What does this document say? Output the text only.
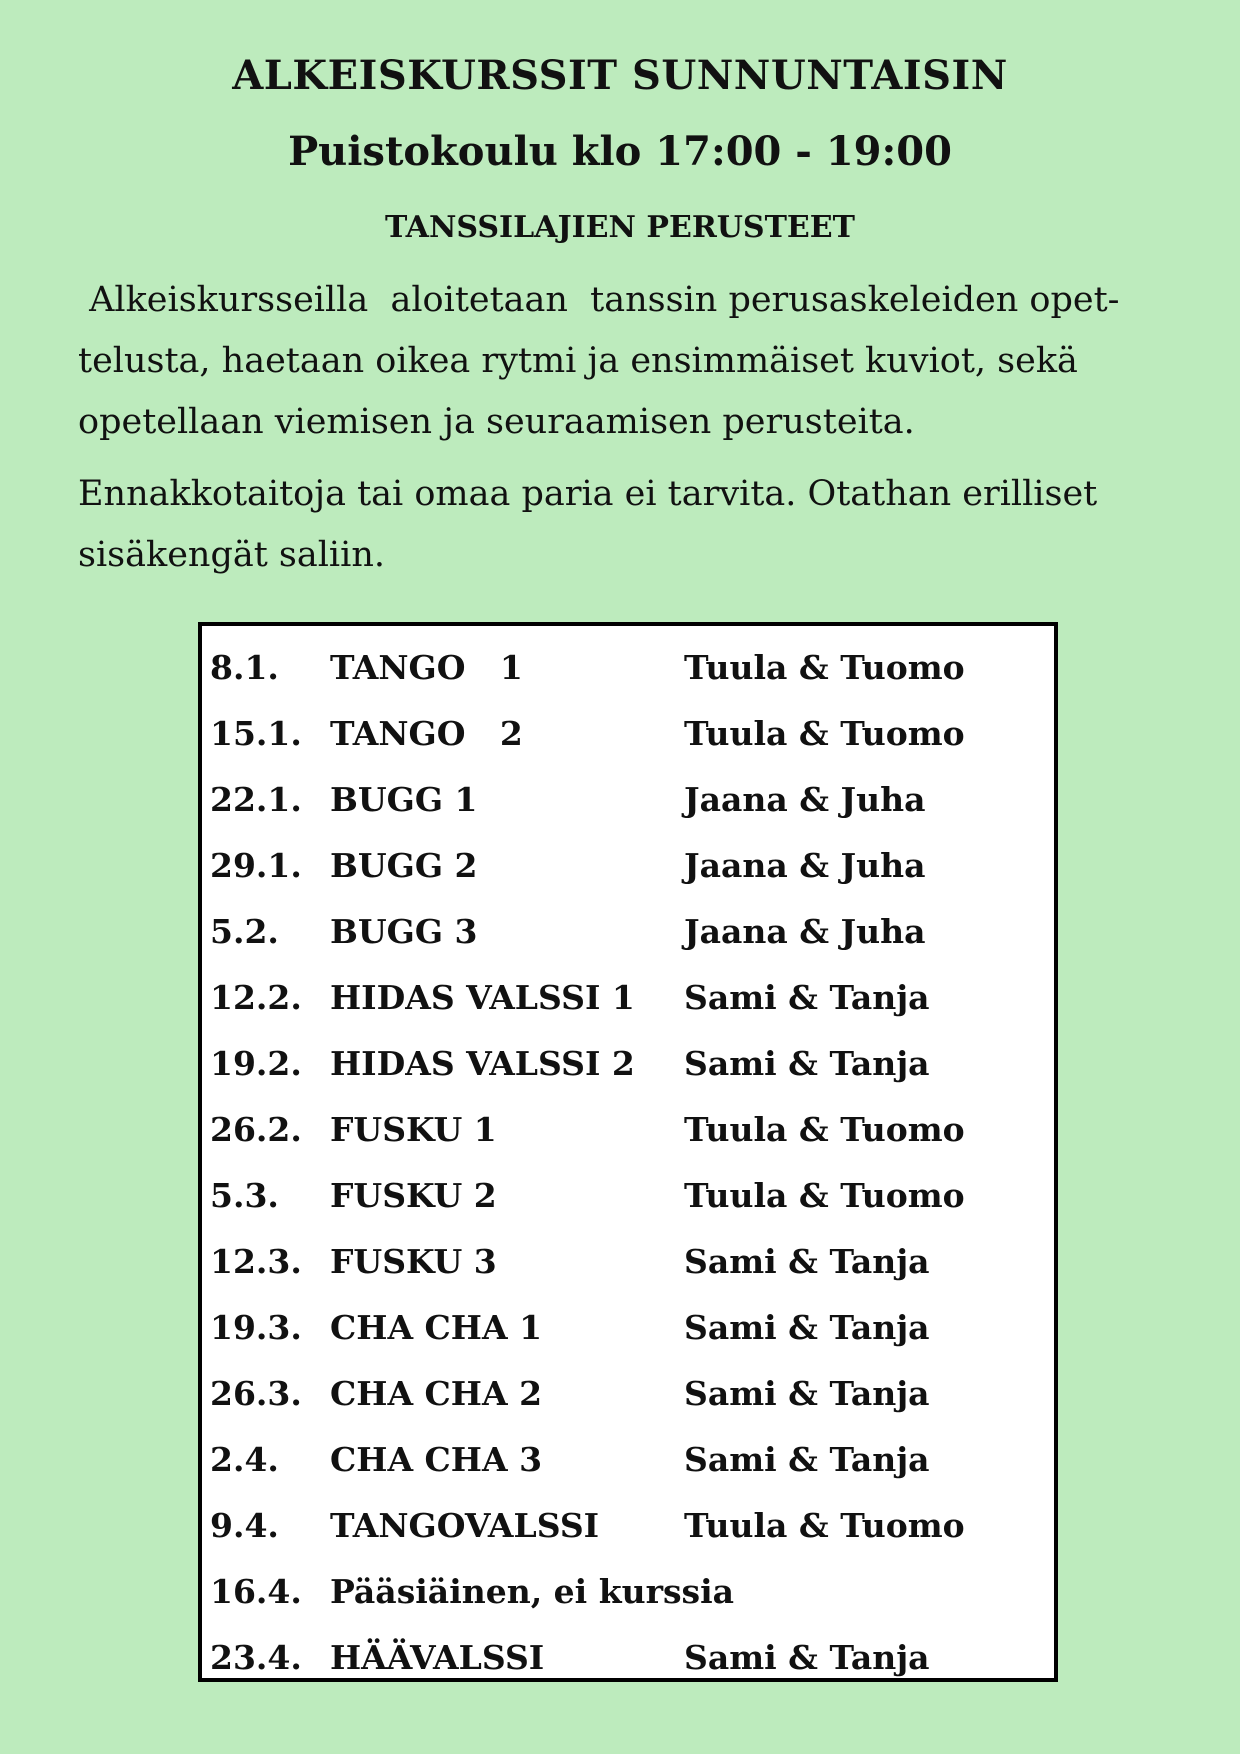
ALKEISKURSSIT SUNNUNTAISIN
Puistokoulu klo 17:00 - 19:00
TANSSILAJIEN PERUSTEET
Alkeiskursseilla  aloitetaan  tanssin perusaskeleiden opet-
telusta, haetaan oikea rytmi ja ensimmäiset kuviot, sekä
opetellaan viemisen ja seuraamisen perusteita.
Ennakkotaitoja tai omaa paria ei tarvita. Otathan erilliset
sisäkengät saliin.
8.1. TANGO   1	Tuula & Tuomo
15.1. TANGO   2	Tuula & Tuomo
22.1. BUGG 1	Jaana & Juha
29.1. BUGG 2	Jaana & Juha
5.2. BUGG 3	Jaana & Juha
12.2. HIDAS VALSSI 1 Sami & Tanja
19.2. HIDAS VALSSI 2 Sami & Tanja
26.2. FUSKU 1	Tuula & Tuomo
5.3. FUSKU 2	Tuula & Tuomo
12.3. FUSKU 3	Sami & Tanja
19.3. CHA CHA 1	Sami & Tanja
26.3. CHA CHA 2	Sami & Tanja
2.4. CHA CHA 3	Sami & Tanja
9.4. TANGOVALSSI	Tuula & Tuomo
16.4. Pääsiäinen, ei kurssia
23.4. HÄÄVALSSI	Sami & Tanja
